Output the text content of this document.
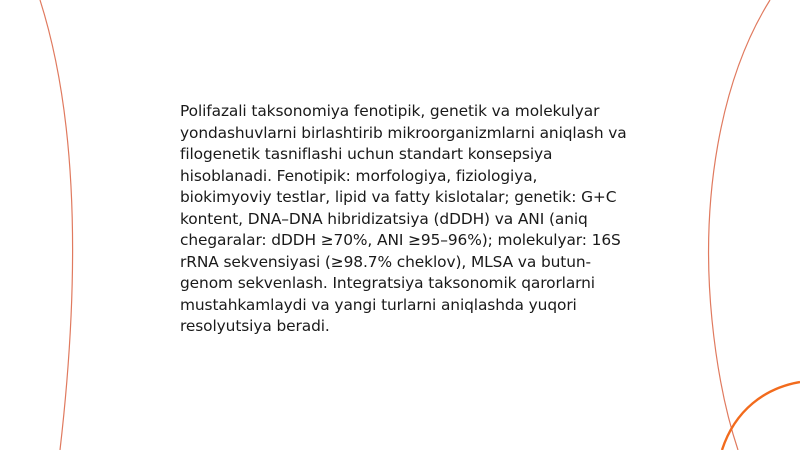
Polifazali taksonomiya fenotipik, genetik va molekulyar yondashuvlarni birlashtirib mikroorganizmlarni aniqlash va filogenetik tasniflashi uchun standart konsepsiya hisoblanadi. Fenotipik: morfologiya, fiziologiya, biokimyoviy testlar, lipid va fatty kislotalar; genetik: G+C kontent, DNA–DNA hibridizatsiya (dDDH) va ANI (aniq chegaralar: dDDH ≥70%, ANI ≥95–96%); molekulyar: 16S rRNA sekvensiyasi (≥98.7% cheklov), MLSA va butun-genom sekvenlash. Integratsiya taksonomik qarorlarni mustahkamlaydi va yangi turlarni aniqlashda yuqori resolyutsiya beradi.
